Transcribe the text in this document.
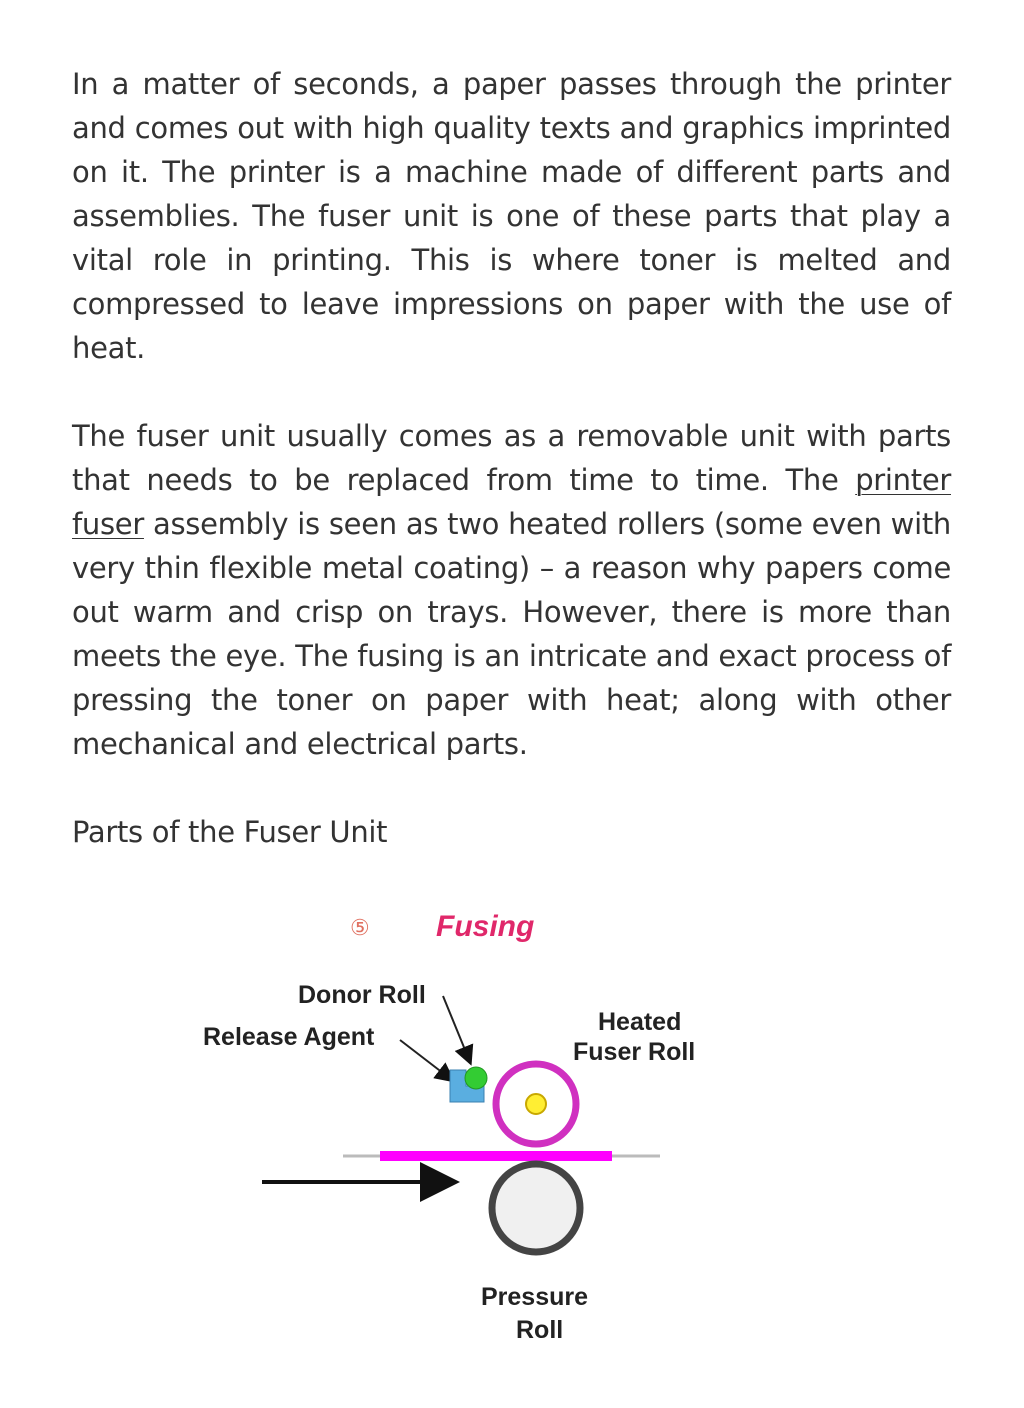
In a matter of seconds, a paper passes through the printer and comes out with high quality texts and graphics imprinted on it. The printer is a machine made of different parts and assemblies. The fuser unit is one of these parts that play a vital role in printing. This is where toner is melted and compressed to leave impressions on paper with the use of heat.

The fuser unit usually comes as a removable unit with parts that needs to be replaced from time to time. The printer fuser assembly is seen as two heated rollers (some even with very thin flexible metal coating) – a reason why papers come out warm and crisp on trays. However, there is more than meets the eye. The fusing is an intricate and exact process of pressing the toner on paper with heat; along with other mechanical and electrical parts.

Parts of the Fuser Unit
⑤ Fusing
Donor Roll
Release Agent
Heated
Fuser Roll
Pressure
Roll
